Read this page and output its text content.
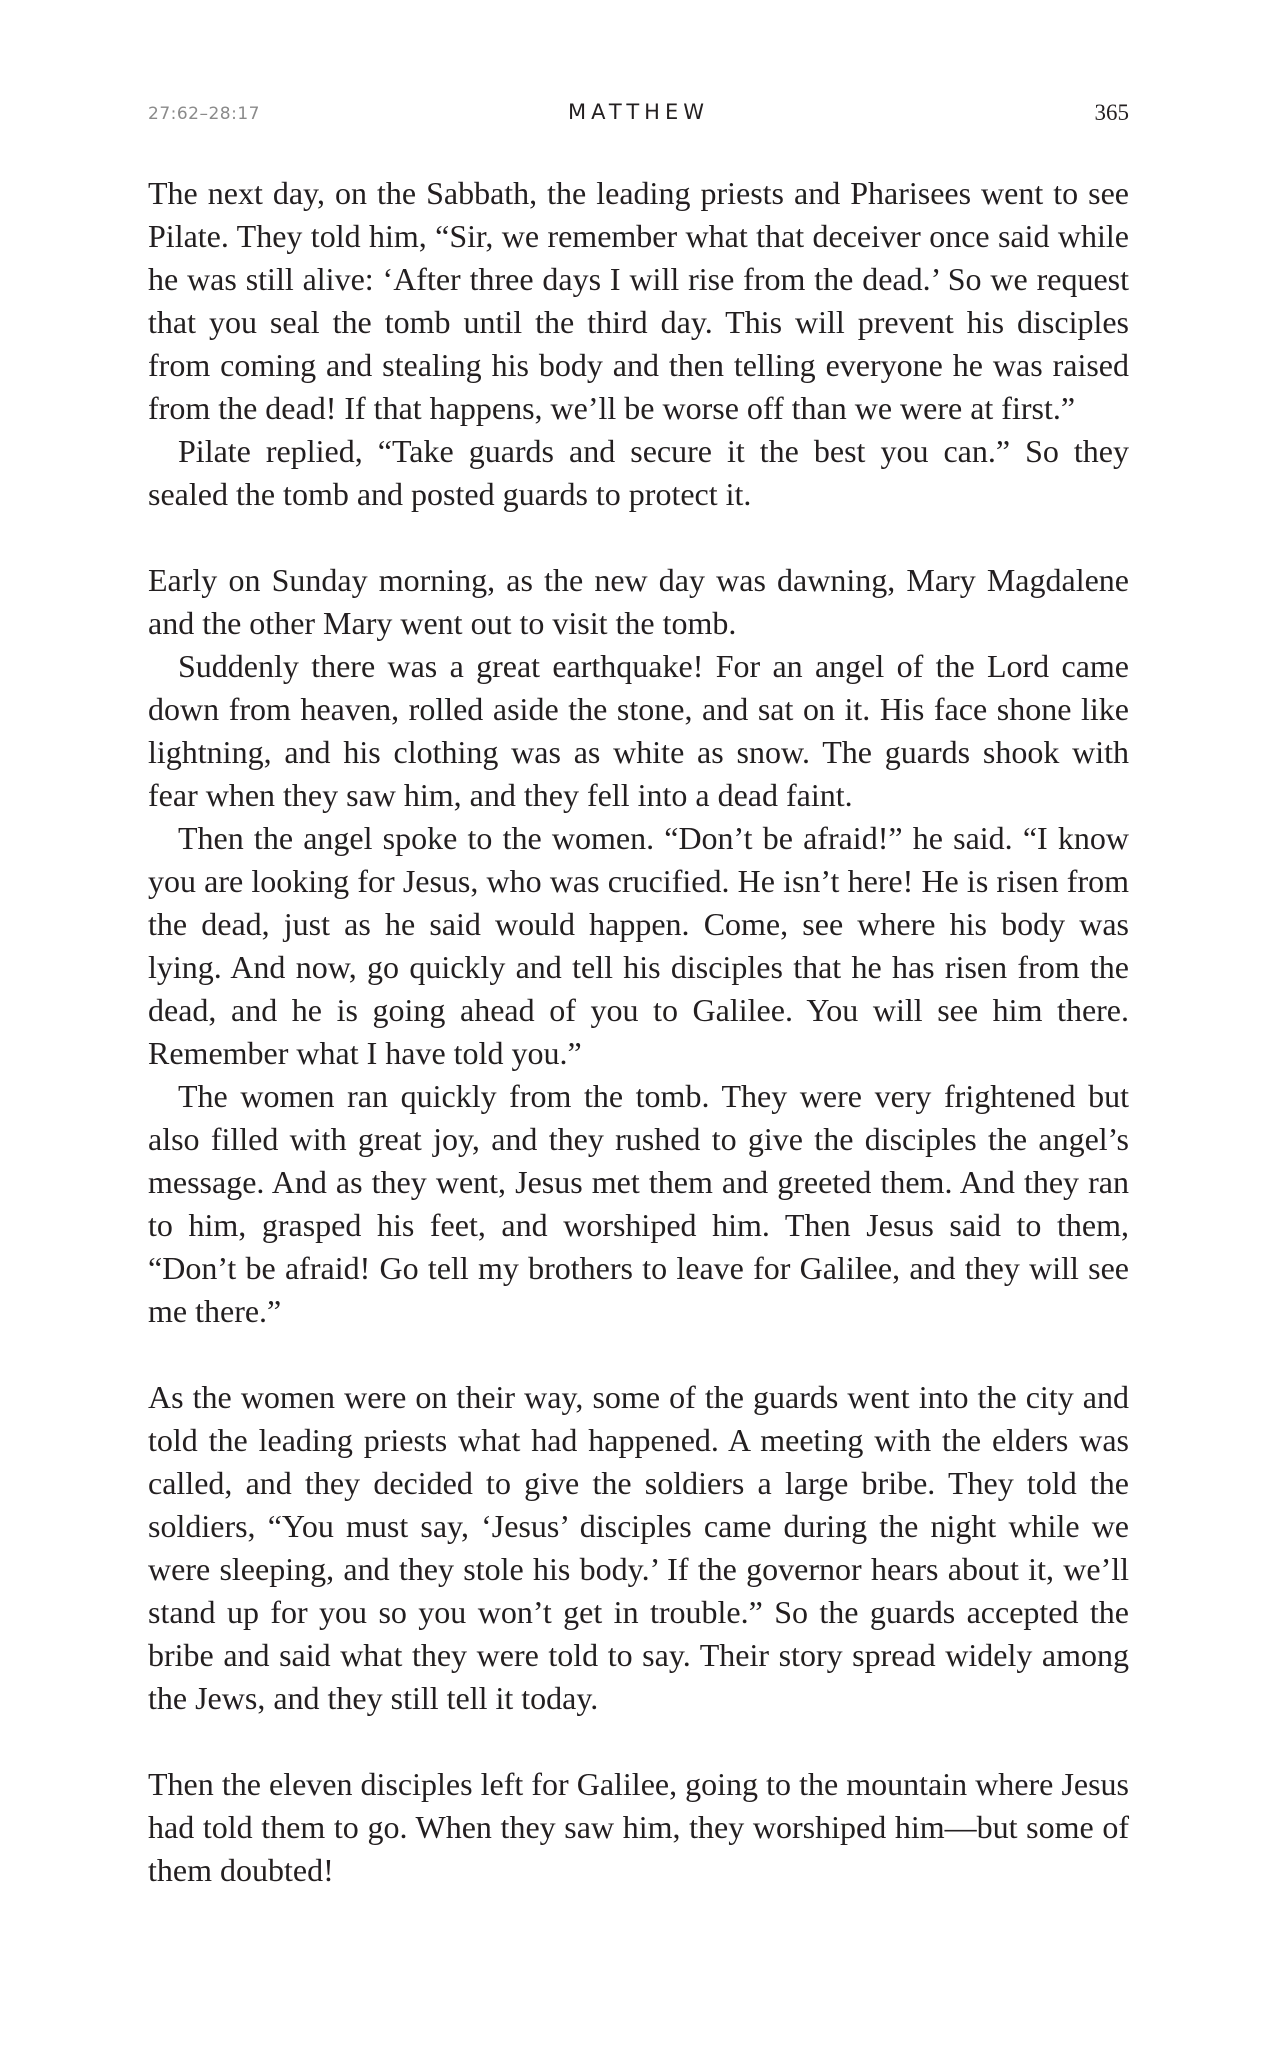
27:62–28:17	MATTHEW	365

The next day, on the Sabbath, the leading priests and Pharisees went to see Pilate. They told him, “Sir, we remember what that deceiver once said while he was still alive: ‘After three days I will rise from the dead.’ So we request that you seal the tomb until the third day. This will prevent his disciples from coming and stealing his body and then telling everyone he was raised from the dead! If that happens, we’ll be worse off than we were at first.”

Pilate replied, “Take guards and secure it the best you can.” So they sealed the tomb and posted guards to protect it.

Early on Sunday morning, as the new day was dawning, Mary Magdalene and the other Mary went out to visit the tomb.

Suddenly there was a great earthquake! For an angel of the Lord came down from heaven, rolled aside the stone, and sat on it. His face shone like lightning, and his clothing was as white as snow. The guards shook with fear when they saw him, and they fell into a dead faint.

Then the angel spoke to the women. “Don’t be afraid!” he said. “I know you are looking for Jesus, who was crucified. He isn’t here! He is risen from the dead, just as he said would happen. Come, see where his body was lying. And now, go quickly and tell his disciples that he has risen from the dead, and he is going ahead of you to Galilee. You will see him there. Remember what I have told you.”

The women ran quickly from the tomb. They were very frightened but also filled with great joy, and they rushed to give the disciples the angel’s message. And as they went, Jesus met them and greeted them. And they ran to him, grasped his feet, and worshiped him. Then Jesus said to them, “Don’t be afraid! Go tell my brothers to leave for Galilee, and they will see me there.”

As the women were on their way, some of the guards went into the city and told the leading priests what had happened. A meeting with the elders was called, and they decided to give the soldiers a large bribe. They told the soldiers, “You must say, ‘Jesus’ disciples came during the night while we were sleeping, and they stole his body.’ If the governor hears about it, we’ll stand up for you so you won’t get in trouble.” So the guards accepted the bribe and said what they were told to say. Their story spread widely among the Jews, and they still tell it today.

Then the eleven disciples left for Galilee, going to the mountain where Jesus had told them to go. When they saw him, they worshiped him—but some of them doubted!
